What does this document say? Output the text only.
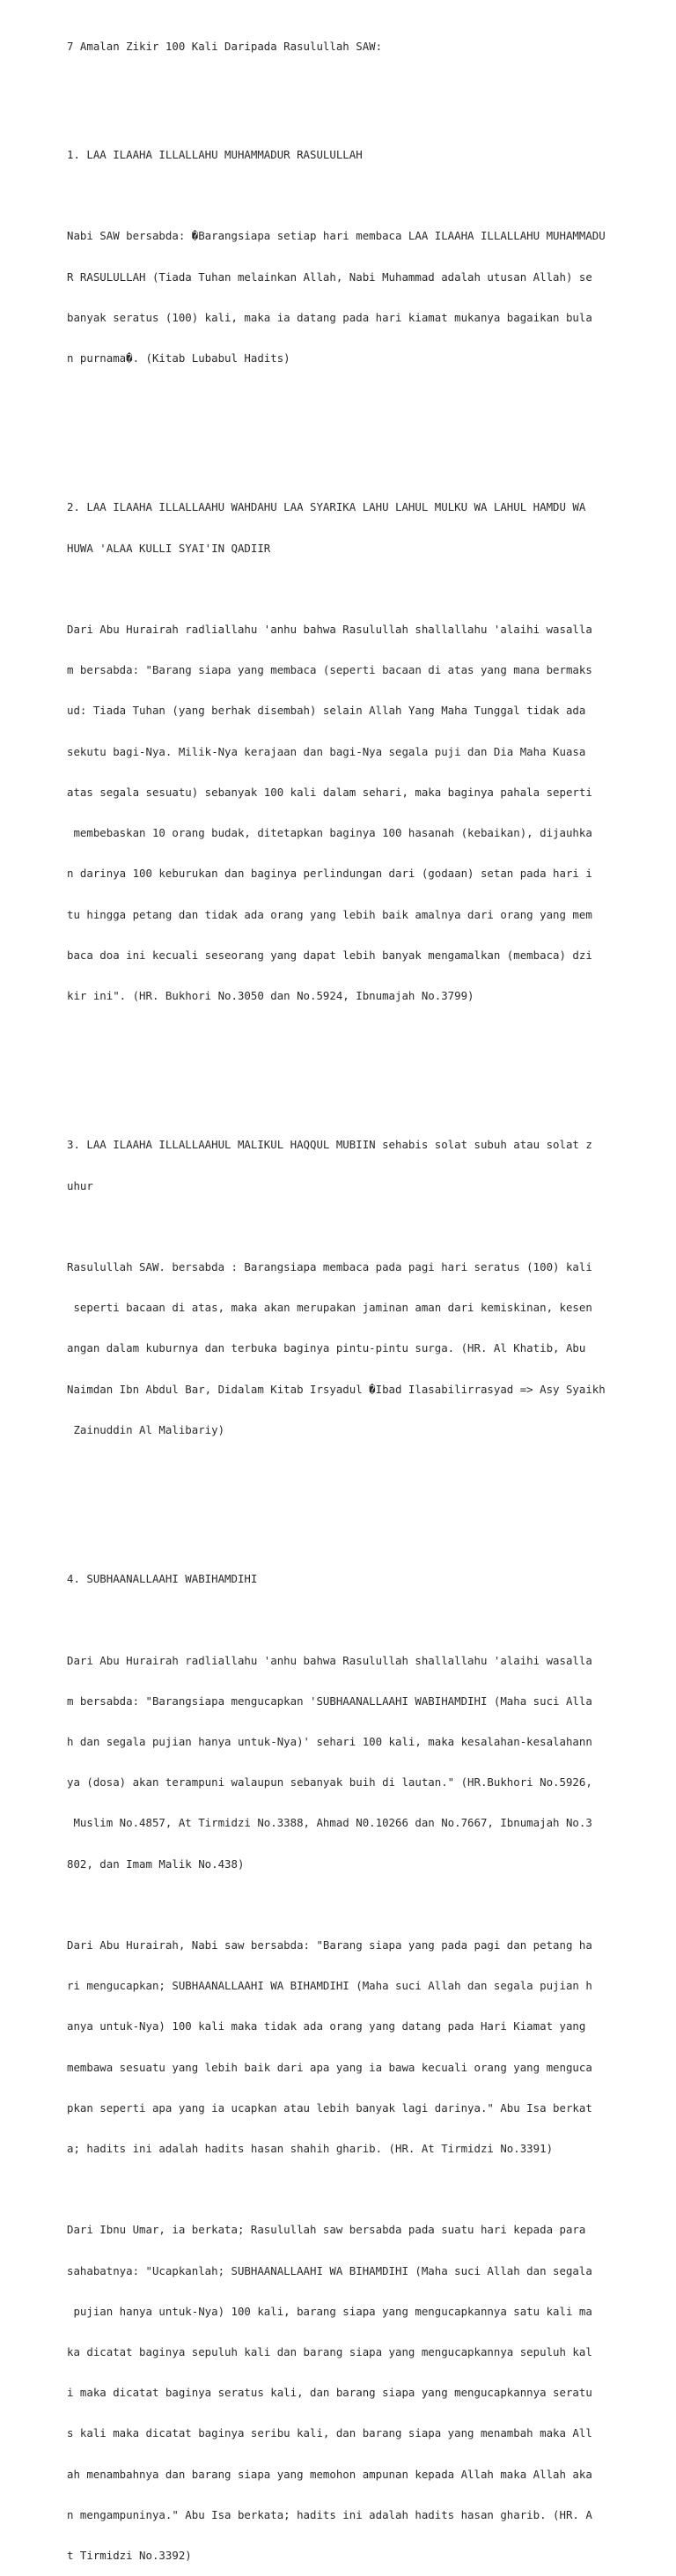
7 Amalan Zikir 100 Kali Daripada Rasulullah SAW:

1. LAA ILAAHA ILLALLAHU MUHAMMADUR RASULULLAH

Nabi SAW bersabda: �Barangsiapa setiap hari membaca LAA ILAAHA ILLALLAHU MUHAMMADU

R RASULULLAH (Tiada Tuhan melainkan Allah, Nabi Muhammad adalah utusan Allah) se

banyak seratus (100) kali, maka ia datang pada hari kiamat mukanya bagaikan bula

n purnama�. (Kitab Lubabul Hadits)

2. LAA ILAAHA ILLALLAAHU WAHDAHU LAA SYARIKA LAHU LAHUL MULKU WA LAHUL HAMDU WA

HUWA 'ALAA KULLI SYAI'IN QADIIR

Dari Abu Hurairah radliallahu 'anhu bahwa Rasulullah shallallahu 'alaihi wasalla

m bersabda: "Barang siapa yang membaca (seperti bacaan di atas yang mana bermaks

ud: Tiada Tuhan (yang berhak disembah) selain Allah Yang Maha Tunggal tidak ada

sekutu bagi-Nya. Milik-Nya kerajaan dan bagi-Nya segala puji dan Dia Maha Kuasa

atas segala sesuatu) sebanyak 100 kali dalam sehari, maka baginya pahala seperti

membebaskan 10 orang budak, ditetapkan baginya 100 hasanah (kebaikan), dijauhka

n darinya 100 keburukan dan baginya perlindungan dari (godaan) setan pada hari i

tu hingga petang dan tidak ada orang yang lebih baik amalnya dari orang yang mem

baca doa ini kecuali seseorang yang dapat lebih banyak mengamalkan (membaca) dzi

kir ini". (HR. Bukhori No.3050 dan No.5924, Ibnumajah No.3799)

3. LAA ILAAHA ILLALLAAHUL MALIKUL HAQQUL MUBIIN sehabis solat subuh atau solat z

uhur

Rasulullah SAW. bersabda : Barangsiapa membaca pada pagi hari seratus (100) kali

seperti bacaan di atas, maka akan merupakan jaminan aman dari kemiskinan, kesen

angan dalam kuburnya dan terbuka baginya pintu-pintu surga. (HR. Al Khatib, Abu

Naimdan Ibn Abdul Bar, Didalam Kitab Irsyadul �Ibad Ilasabilirrasyad => Asy Syaikh

Zainuddin Al Malibariy)

4. SUBHAANALLAAHI WABIHAMDIHI

Dari Abu Hurairah radliallahu 'anhu bahwa Rasulullah shallallahu 'alaihi wasalla

m bersabda: "Barangsiapa mengucapkan 'SUBHAANALLAAHI WABIHAMDIHI (Maha suci Alla

h dan segala pujian hanya untuk-Nya)' sehari 100 kali, maka kesalahan-kesalahann

ya (dosa) akan terampuni walaupun sebanyak buih di lautan." (HR.Bukhori No.5926,

Muslim No.4857, At Tirmidzi No.3388, Ahmad N0.10266 dan No.7667, Ibnumajah No.3

802, dan Imam Malik No.438)

Dari Abu Hurairah, Nabi saw bersabda: "Barang siapa yang pada pagi dan petang ha

ri mengucapkan; SUBHAANALLAAHI WA BIHAMDIHI (Maha suci Allah dan segala pujian h

anya untuk-Nya) 100 kali maka tidak ada orang yang datang pada Hari Kiamat yang

membawa sesuatu yang lebih baik dari apa yang ia bawa kecuali orang yang menguca

pkan seperti apa yang ia ucapkan atau lebih banyak lagi darinya." Abu Isa berkat

a; hadits ini adalah hadits hasan shahih gharib. (HR. At Tirmidzi No.3391)

Dari Ibnu Umar, ia berkata; Rasulullah saw bersabda pada suatu hari kepada para

sahabatnya: "Ucapkanlah; SUBHAANALLAAHI WA BIHAMDIHI (Maha suci Allah dan segala

pujian hanya untuk-Nya) 100 kali, barang siapa yang mengucapkannya satu kali ma

ka dicatat baginya sepuluh kali dan barang siapa yang mengucapkannya sepuluh kal

i maka dicatat baginya seratus kali, dan barang siapa yang mengucapkannya seratu

s kali maka dicatat baginya seribu kali, dan barang siapa yang menambah maka All

ah menambahnya dan barang siapa yang memohon ampunan kepada Allah maka Allah aka

n mengampuninya." Abu Isa berkata; hadits ini adalah hadits hasan gharib. (HR. A

t Tirmidzi No.3392)
